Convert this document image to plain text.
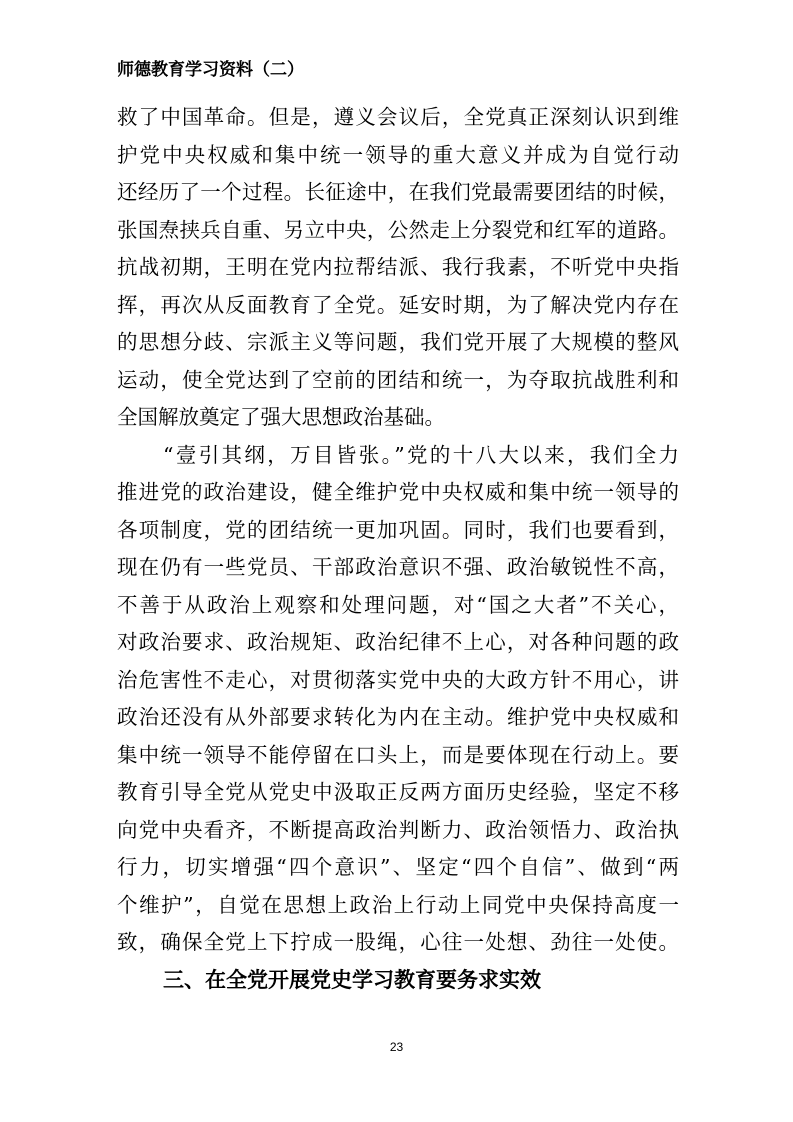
师德教育学习资料（二）
救了中国革命。但是，遵义会议后，全党真正深刻认识到维
护党中央权威和集中统一领导的重大意义并成为自觉行动
还经历了一个过程。长征途中，在我们党最需要团结的时候，
张国焘挟兵自重、另立中央，公然走上分裂党和红军的道路。
抗战初期，王明在党内拉帮结派、我行我素，不听党中央指
挥，再次从反面教育了全党。延安时期，为了解决党内存在
的思想分歧、宗派主义等问题，我们党开展了大规模的整风
运动，使全党达到了空前的团结和统一，为夺取抗战胜利和
全国解放奠定了强大思想政治基础。
“壹引其纲，万目皆张。”党的十八大以来，我们全力
推进党的政治建设，健全维护党中央权威和集中统一领导的
各项制度，党的团结统一更加巩固。同时，我们也要看到，
现在仍有一些党员、干部政治意识不强、政治敏锐性不高，
不善于从政治上观察和处理问题，对“国之大者”不关心，
对政治要求、政治规矩、政治纪律不上心，对各种问题的政
治危害性不走心，对贯彻落实党中央的大政方针不用心，讲
政治还没有从外部要求转化为内在主动。维护党中央权威和
集中统一领导不能停留在口头上，而是要体现在行动上。要
教育引导全党从党史中汲取正反两方面历史经验，坚定不移
向党中央看齐，不断提高政治判断力、政治领悟力、政治执
行力，切实增强“四个意识”、坚定“四个自信”、做到“两
个维护”，自觉在思想上政治上行动上同党中央保持高度一
致，确保全党上下拧成一股绳，心往一处想、劲往一处使。
三、在全党开展党史学习教育要务求实效
23
